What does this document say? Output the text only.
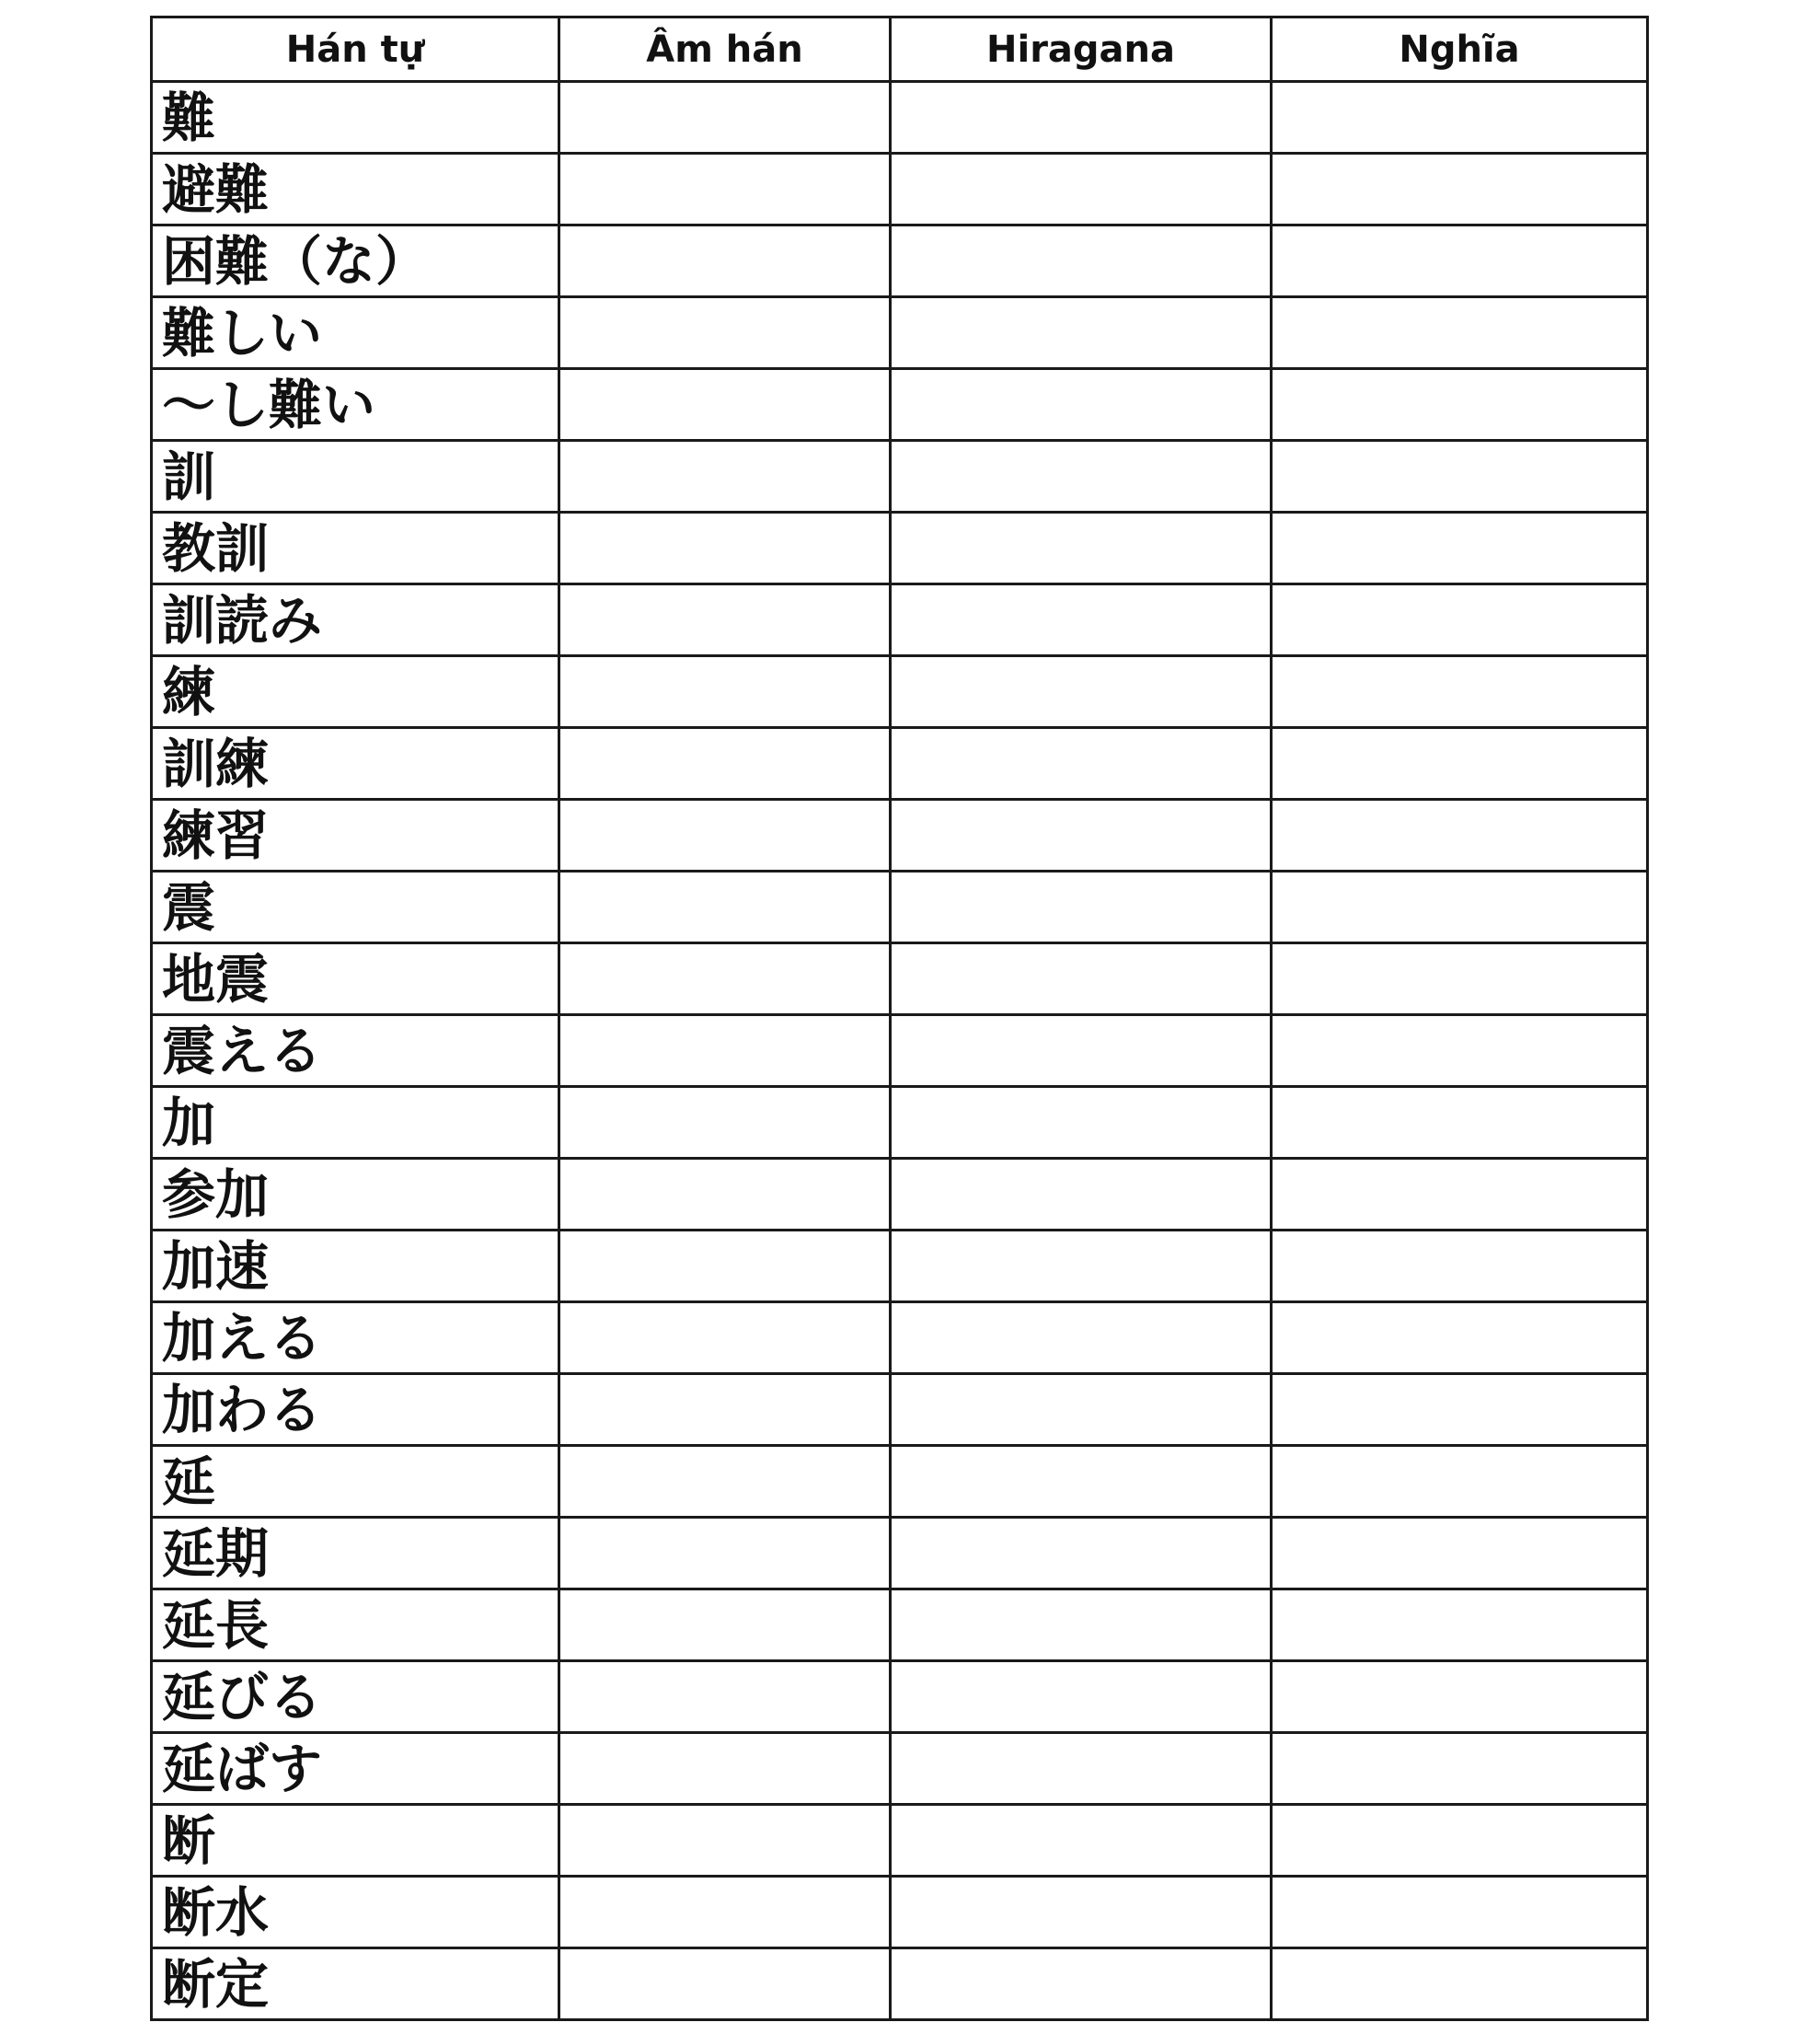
Hán tự	Âm hán	Hiragana	Nghĩa
難			
避難			
困難（な）			
難しい			
～し難い			
訓			
教訓			
訓読み			
練			
訓練			
練習			
震			
地震			
震える			
加			
参加			
加速			
加える			
加わる			
延			
延期			
延長			
延びる			
延ばす			
断			
断水			
断定			
